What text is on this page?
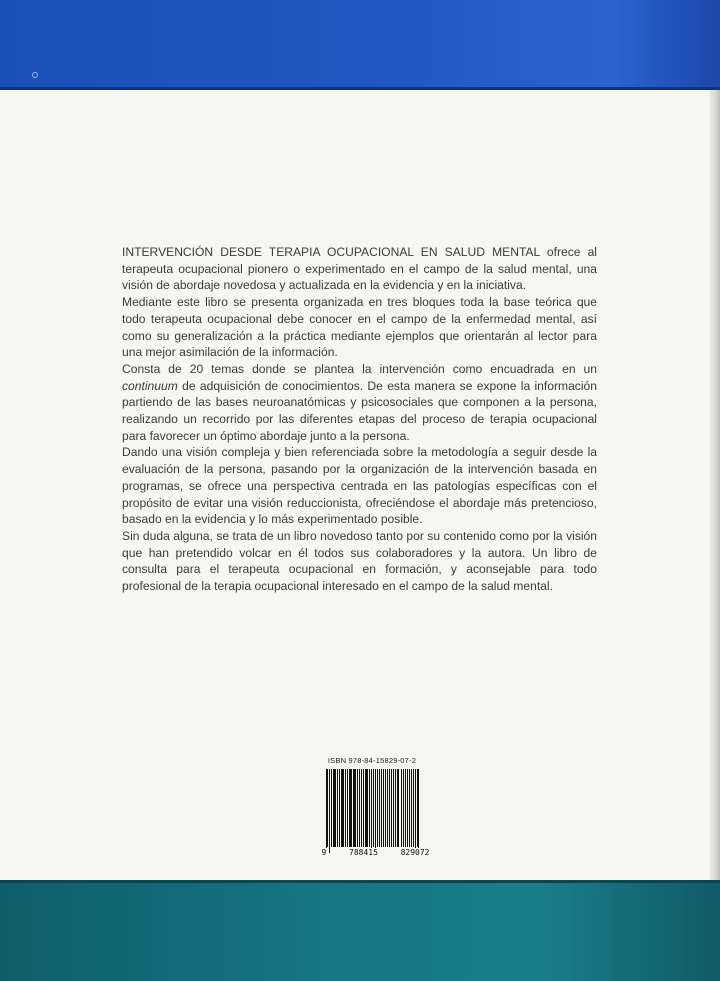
INTERVENCIÓN DESDE TERAPIA OCUPACIONAL EN SALUD MENTAL ofrece al terapeuta ocupacional pionero o experimentado en el campo de la salud mental, una visión de abordaje novedosa y actualizada en la evidencia y en la iniciativa.

Mediante este libro se presenta organizada en tres bloques toda la base teórica que todo terapeuta ocupacional debe conocer en el campo de la enfermedad mental, así como su generalización a la práctica mediante ejemplos que orientarán al lector para una mejor asimilación de la información.

Consta de 20 temas donde se plantea la intervención como encuadrada en un continuum de adquisición de conocimientos. De esta manera se expone la información partiendo de las bases neuroanatómicas y psicosociales que componen a la persona, realizando un recorrido por las diferentes etapas del proceso de terapia ocupacional para favorecer un óptimo abordaje junto a la persona.

Dando una visión compleja y bien referenciada sobre la metodología a seguir desde la evaluación de la persona, pasando por la organización de la intervención basada en programas, se ofrece una perspectiva centrada en las patologías específicas con el propósito de evitar una visión reduccionista, ofreciéndose el abordaje más pretencioso, basado en la evidencia y lo más experimentado posible.

Sin duda alguna, se trata de un libro novedoso tanto por su contenido como por la visión que han pretendido volcar en él todos sus colaboradores y la autora. Un libro de consulta para el terapeuta ocupacional en formación, y aconsejable para todo profesional de la terapia ocupacional interesado en el campo de la salud mental.

ISBN 978-84-15829-07-2
9	788415	829072
